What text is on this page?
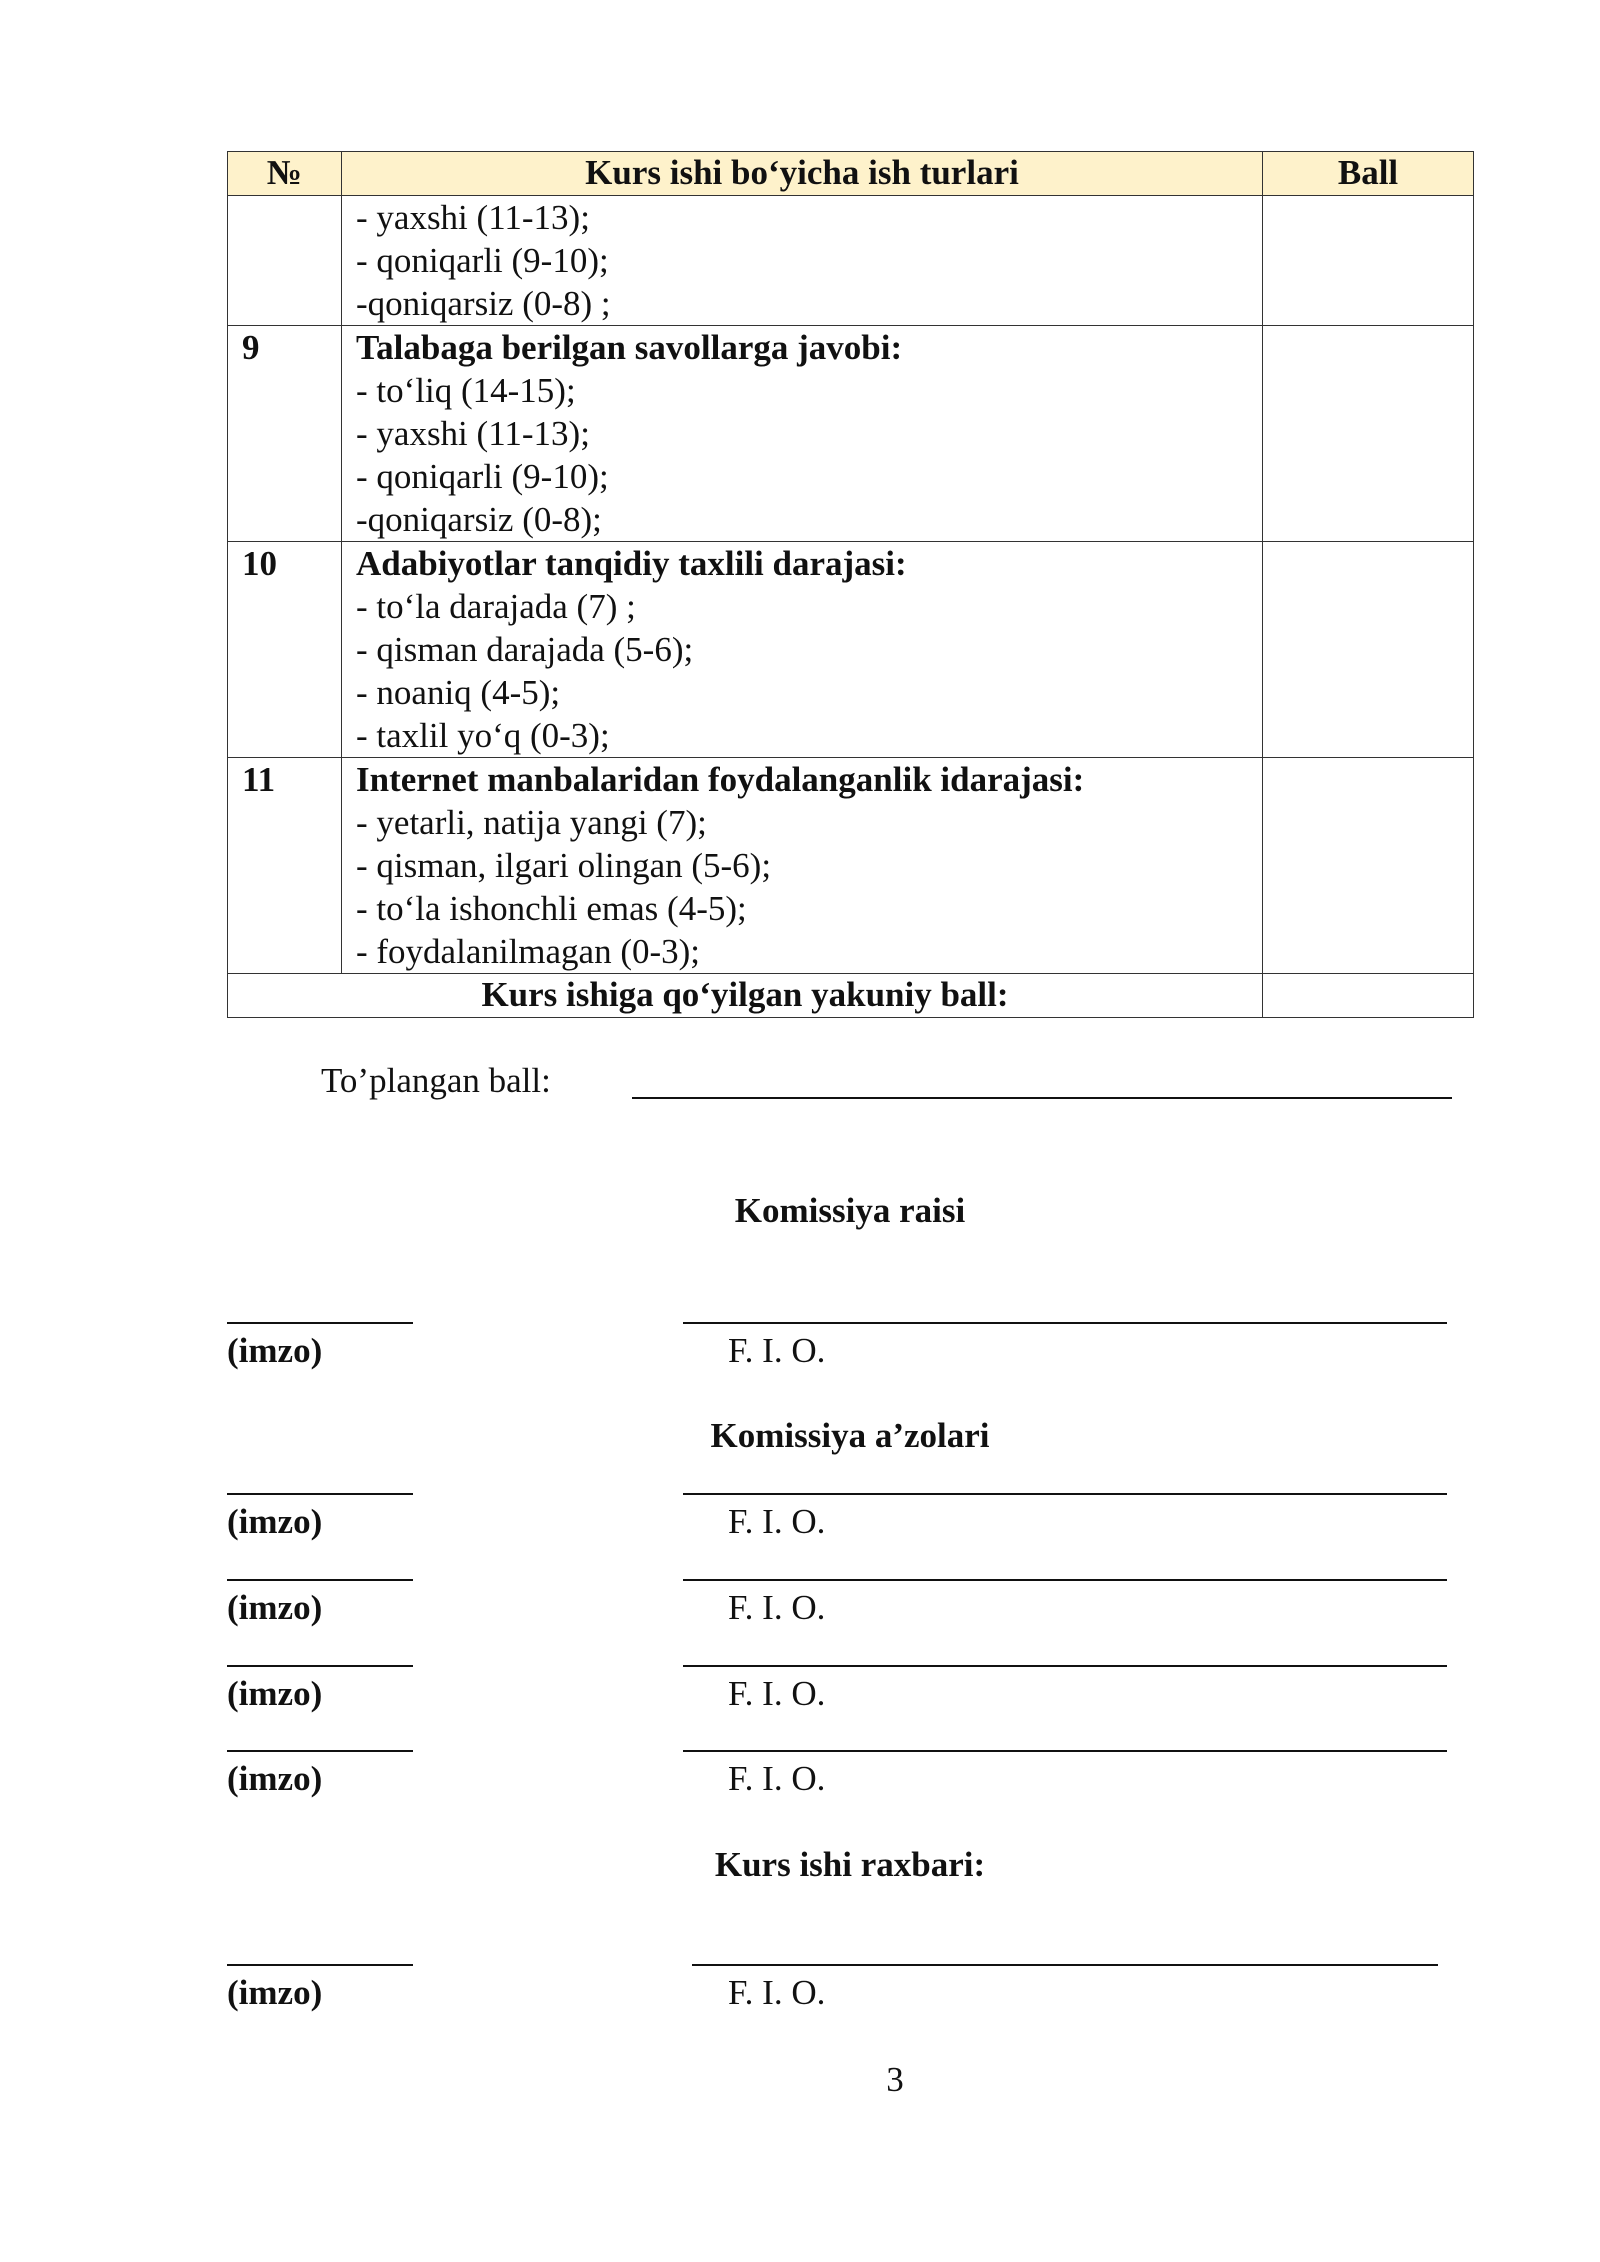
№	Kurs ishi bo‘yicha ish turlari	Ball

	- yaxshi (11-13);
- qoniqarli (9-10);
-qoniqarsiz (0-8) ;	

9	Talabaga berilgan savollarga javobi:
- to‘liq (14-15);
- yaxshi (11-13);
- qoniqarli (9-10);
-qoniqarsiz (0-8);	

10	Adabiyotlar tanqidiy taxlili darajasi:
- to‘la darajada (7) ;
- qisman darajada (5-6);
- noaniq (4-5);
- taxlil yo‘q (0-3);	

11	Internet manbalaridan foydalanganlik idarajasi:
- yetarli, natija yangi (7);
- qisman, ilgari olingan (5-6);
- to‘la ishonchli emas (4-5);
- foydalanilmagan (0-3);	

Kurs ishiga qo‘yilgan yakuniy ball:		
To’plangan ball:
Komissiya raisi
(imzo)	F. I. O.
Komissiya a’zolari
(imzo)	F. I. O.
(imzo)	F. I. O.
(imzo)	F. I. O.
(imzo)	F. I. O.
Kurs ishi raxbari:
(imzo)	F. I. O.
3
